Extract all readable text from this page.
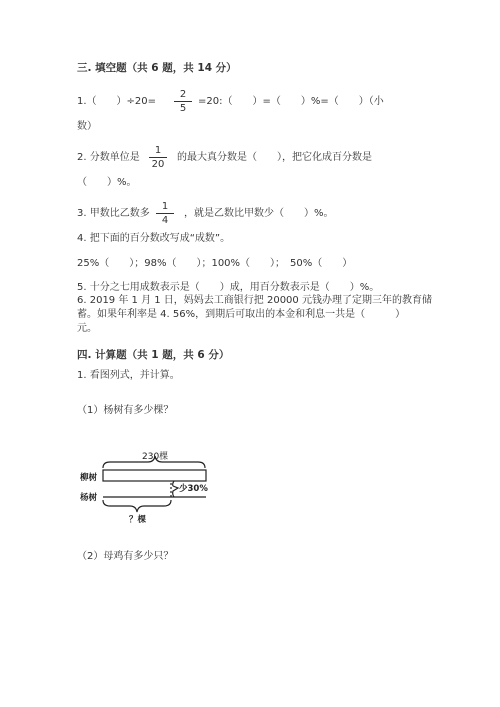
三. 填空题（共 6 题，共 14 分）
1.（　　）÷20=
2
5
=20:（　　）=（　　）%=（　　）（小
数）
2. 分数单位是
1
20
的最大真分数是（　　），把它化成百分数是
（　　）%。
3. 甲数比乙数多
1
4
，就是乙数比甲数少（　　）%。
4. 把下面的百分数改写成“成数”。
25%（　　）；98%（　　）；100%（　　）；　50%（　　）
5. 十分之七用成数表示是（　　）成，用百分数表示是（　　）%。
6. 2019 年 1 月 1 日，妈妈去工商银行把 20000 元钱办理了定期三年的教育储
蓄。如果年利率是 4. 56%，到期后可取出的本金和利息一共是（　　　）
元。
四. 计算题（共 1 题，共 6 分）
1. 看图列式，并计算。
（1）杨树有多少棵？
230棵
柳树
杨树
少30%
？棵
（2）母鸡有多少只？
